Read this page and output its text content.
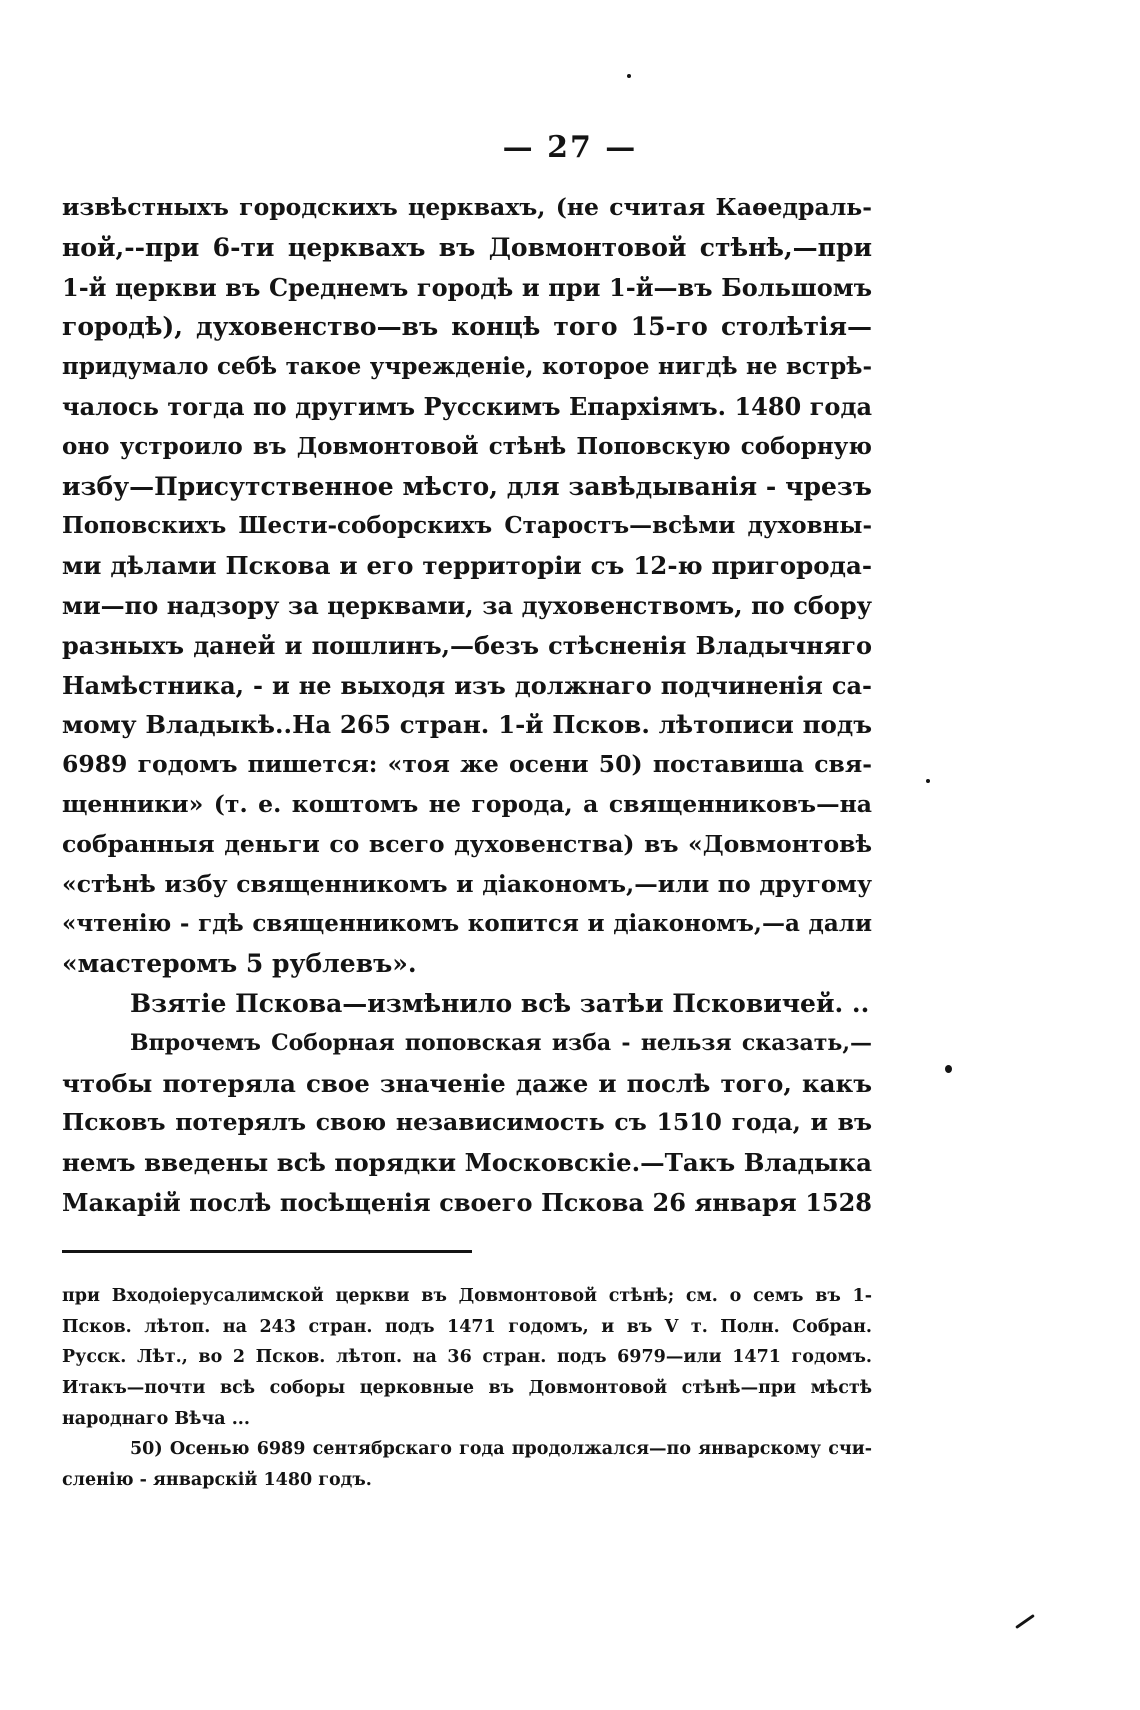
— 27 —
извѣстныхъ городскихъ церквахъ, (не считая Каѳедраль-
ной,--при 6-ти церквахъ въ Довмонтовой стѣнѣ,—при
1-й церкви въ Среднемъ городѣ и при 1-й—въ Большомъ
городѣ), духовенство—въ концѣ того 15-го столѣтія—
придумало себѣ такое учрежденіе, которое нигдѣ не встрѣ-
чалось тогда по другимъ Русскимъ Епархіямъ. 1480 года
оно устроило въ Довмонтовой стѣнѣ Поповскую соборную
избу—Присутственное мѣсто, для завѣдыванія - чрезъ
Поповскихъ Шести-соборскихъ Старостъ—всѣми духовны-
ми дѣлами Пскова и его территоріи съ 12-ю пригорода-
ми—по надзору за церквами, за духовенствомъ, по сбору
разныхъ даней и пошлинъ,—безъ стѣсненія Владычняго
Намѣстника, - и не выходя изъ должнаго подчиненія са-
мому Владыкѣ..На 265 стран. 1-й Псков. лѣтописи подъ
6989 годомъ пишется: «тоя же осени 50) поставиша свя-
щенники» (т. е. коштомъ не города, а священниковъ—на
собранныя деньги со всего духовенства) въ «Довмонтовѣ
«стѣнѣ избу священникомъ и діакономъ,—или по другому
«чтенію - гдѣ священникомъ копится и діакономъ,—а дали
«мастеромъ 5 рублевъ».
Взятіе Пскова—измѣнило всѣ затѣи Псковичей. ..
Впрочемъ Соборная поповская изба - нельзя сказать,—
чтобы потеряла свое значеніе даже и послѣ того, какъ
Псковъ потерялъ свою независимость съ 1510 года, и въ
немъ введены всѣ порядки Московскіе.—Такъ Владыка
Макарій послѣ посѣщенія своего Пскова 26 января 1528
при Входоіерусалимской церкви въ Довмонтовой стѣнѣ; см. о семъ въ 1-
Псков. лѣтоп. на 243 стран. подъ 1471 годомъ, и въ V т. Полн. Собран.
Русск. Лѣт., во 2 Псков. лѣтоп. на 36 стран. подъ 6979—или 1471 годомъ.
Итакъ—почти всѣ соборы церковные въ Довмонтовой стѣнѣ—при мѣстѣ
народнаго Вѣча ...
50) Осенью 6989 сентябрскаго года продолжался—по январскому счи-
сленію - январскій 1480 годъ.
